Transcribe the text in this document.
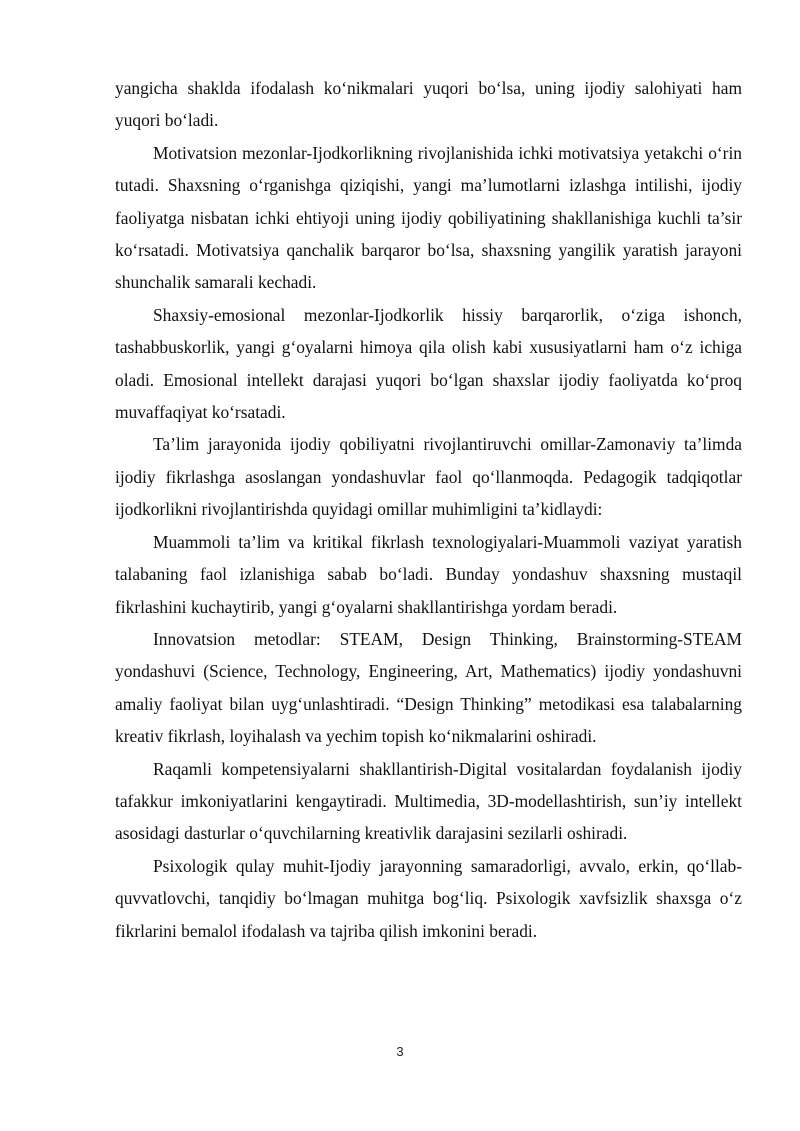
yangicha shaklda ifodalash ko‘nikmalari yuqori bo‘lsa, uning ijodiy salohiyati ham yuqori bo‘ladi.

Motivatsion mezonlar-Ijodkorlikning rivojlanishida ichki motivatsiya yetakchi o‘rin tutadi. Shaxsning o‘rganishga qiziqishi, yangi ma’lumotlarni izlashga intilishi, ijodiy faoliyatga nisbatan ichki ehtiyoji uning ijodiy qobiliyatining shakllanishiga kuchli ta’sir ko‘rsatadi. Motivatsiya qanchalik barqaror bo‘lsa, shaxsning yangilik yaratish jarayoni shunchalik samarali kechadi.

Shaxsiy-emosional mezonlar-Ijodkorlik hissiy barqarorlik, o‘ziga ishonch, tashabbuskorlik, yangi g‘oyalarni himoya qila olish kabi xususiyatlarni ham o‘z ichiga oladi. Emosional intellekt darajasi yuqori bo‘lgan shaxslar ijodiy faoliyatda ko‘proq muvaffaqiyat ko‘rsatadi.

Ta’lim jarayonida ijodiy qobiliyatni rivojlantiruvchi omillar-Zamonaviy ta’limda ijodiy fikrlashga asoslangan yondashuvlar faol qo‘llanmoqda. Pedagogik tadqiqotlar ijodkorlikni rivojlantirishda quyidagi omillar muhimligini ta’kidlaydi:

Muammoli ta’lim va kritikal fikrlash texnologiyalari-Muammoli vaziyat yaratish talabaning faol izlanishiga sabab bo‘ladi. Bunday yondashuv shaxsning mustaqil fikrlashini kuchaytirib, yangi g‘oyalarni shakllantirishga yordam beradi.

Innovatsion metodlar: STEAM, Design Thinking, Brainstorming-STEAM yondashuvi (Science, Technology, Engineering, Art, Mathematics) ijodiy yondashuvni amaliy faoliyat bilan uyg‘unlashtiradi. “Design Thinking” metodikasi esa talabalarning kreativ fikrlash, loyihalash va yechim topish ko‘nikmalarini oshiradi.

Raqamli kompetensiyalarni shakllantirish-Digital vositalardan foydalanish ijodiy tafakkur imkoniyatlarini kengaytiradi. Multimedia, 3D-modellashtirish, sun’iy intellekt asosidagi dasturlar o‘quvchilarning kreativlik darajasini sezilarli oshiradi.

Psixologik qulay muhit-Ijodiy jarayonning samaradorligi, avvalo, erkin, qo‘llab-quvvatlovchi, tanqidiy bo‘lmagan muhitga bog‘liq. Psixologik xavfsizlik shaxsga o‘z fikrlarini bemalol ifodalash va tajriba qilish imkonini beradi.

3
